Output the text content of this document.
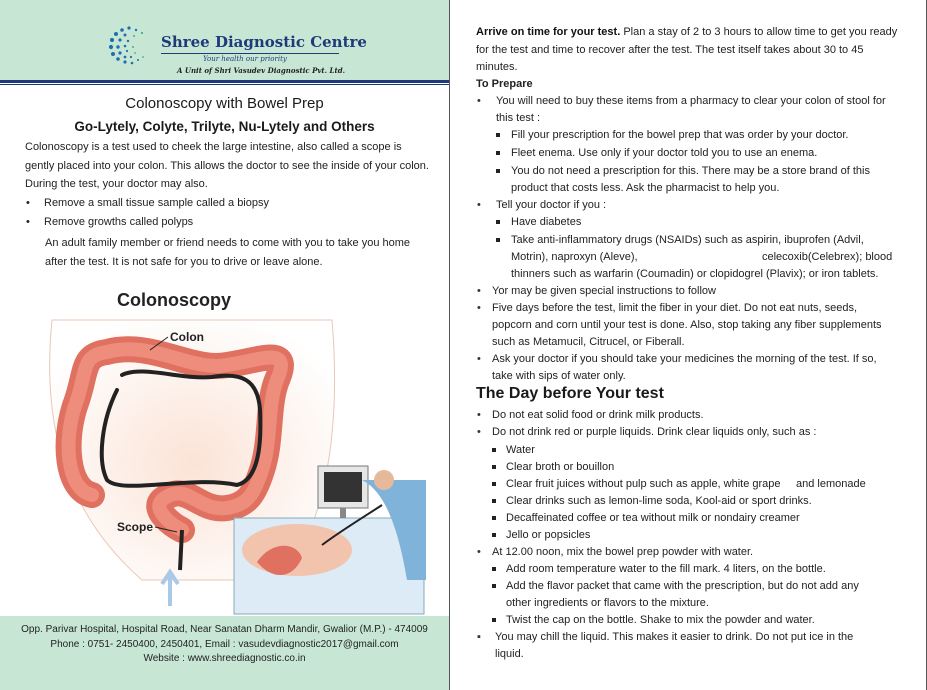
Shree Diagnostic Centre
Your health our priority
A Unit of Shri Vasudev Diagnostic Pvt. Ltd.
Colonoscopy with Bowel Prep
Go-Lytely, Colyte, Trilyte, Nu-Lytely and Others
Colonoscopy is a test used to cheek the large intestine, also called a scope is gently placed into your colon. This allows the doctor to see the inside of your colon. During the test, your doctor may also.
• Remove a small tissue sample called a biopsy
• Remove growths called polyps
An adult family member or friend needs to come with you to take you home after the test. It is not safe for you to drive or leave alone.
Colonoscopy
Colon
Scope
Opp. Parivar Hospital, Hospital Road, Near Sanatan Dharm Mandir, Gwalior (M.P.) - 474009
Phone : 0751- 2450400, 2450401, Email : vasudevdiagnostic2017@gmail.com
Website : www.shreediagnostic.co.in
Arrive on time for your test. Plan a stay of 2 to 3 hours to allow time to get you ready
for the test and time to recover after the test. The test itself takes about 30 to 45
minutes.
To Prepare
• You will need to buy these items from a pharmacy to clear your colon of stool for
this test :
Fill your prescription for the bowel prep that was order by your doctor.
Fleet enema. Use only if your doctor told you to use an enema.
You do not need a prescription for this. There may be a store brand of this
product that costs less. Ask the pharmacist to help you.
• Tell your doctor if you :
Have diabetes
Take anti-inflammatory drugs (NSAIDs) such as aspirin, ibuprofen (Advil,
Motrin), naproxyn (Aleve),	celecoxib(Celebrex); blood
thinners such as warfarin (Coumadin) or clopidogrel (Plavix); or iron tablets.
• Yor may be given special instructions to follow
• Five days before the test, limit the fiber in your diet. Do not eat nuts, seeds,
popcorn and corn until your test is done. Also, stop taking any fiber supplements
such as Metamucil, Citrucel, or Fiberall.
• Ask your doctor if you should take your medicines the morning of the test. If so,
take with sips of water only.
The Day before Your test
• Do not eat solid food or drink milk products.
• Do not drink red or purple liquids. Drink clear liquids only, such as :
Water
Clear broth or bouillon
Clear fruit juices without pulp such as apple, white grape and lemonade
Clear drinks such as lemon-lime soda, Kool-aid or sport drinks.
Decaffeinated coffee or tea without milk or nondairy creamer
Jello or popsicles
• At 12.00 noon, mix the bowel prep powder with water.
Add room temperature water to the fill mark. 4 liters, on the bottle.
Add the flavor packet that came with the prescription, but do not add any
other ingredients or flavors to the mixture.
Twist the cap on the bottle. Shake to mix the powder and water.
▪ You may chill the liquid. This makes it easier to drink. Do not put ice in the
liquid.
